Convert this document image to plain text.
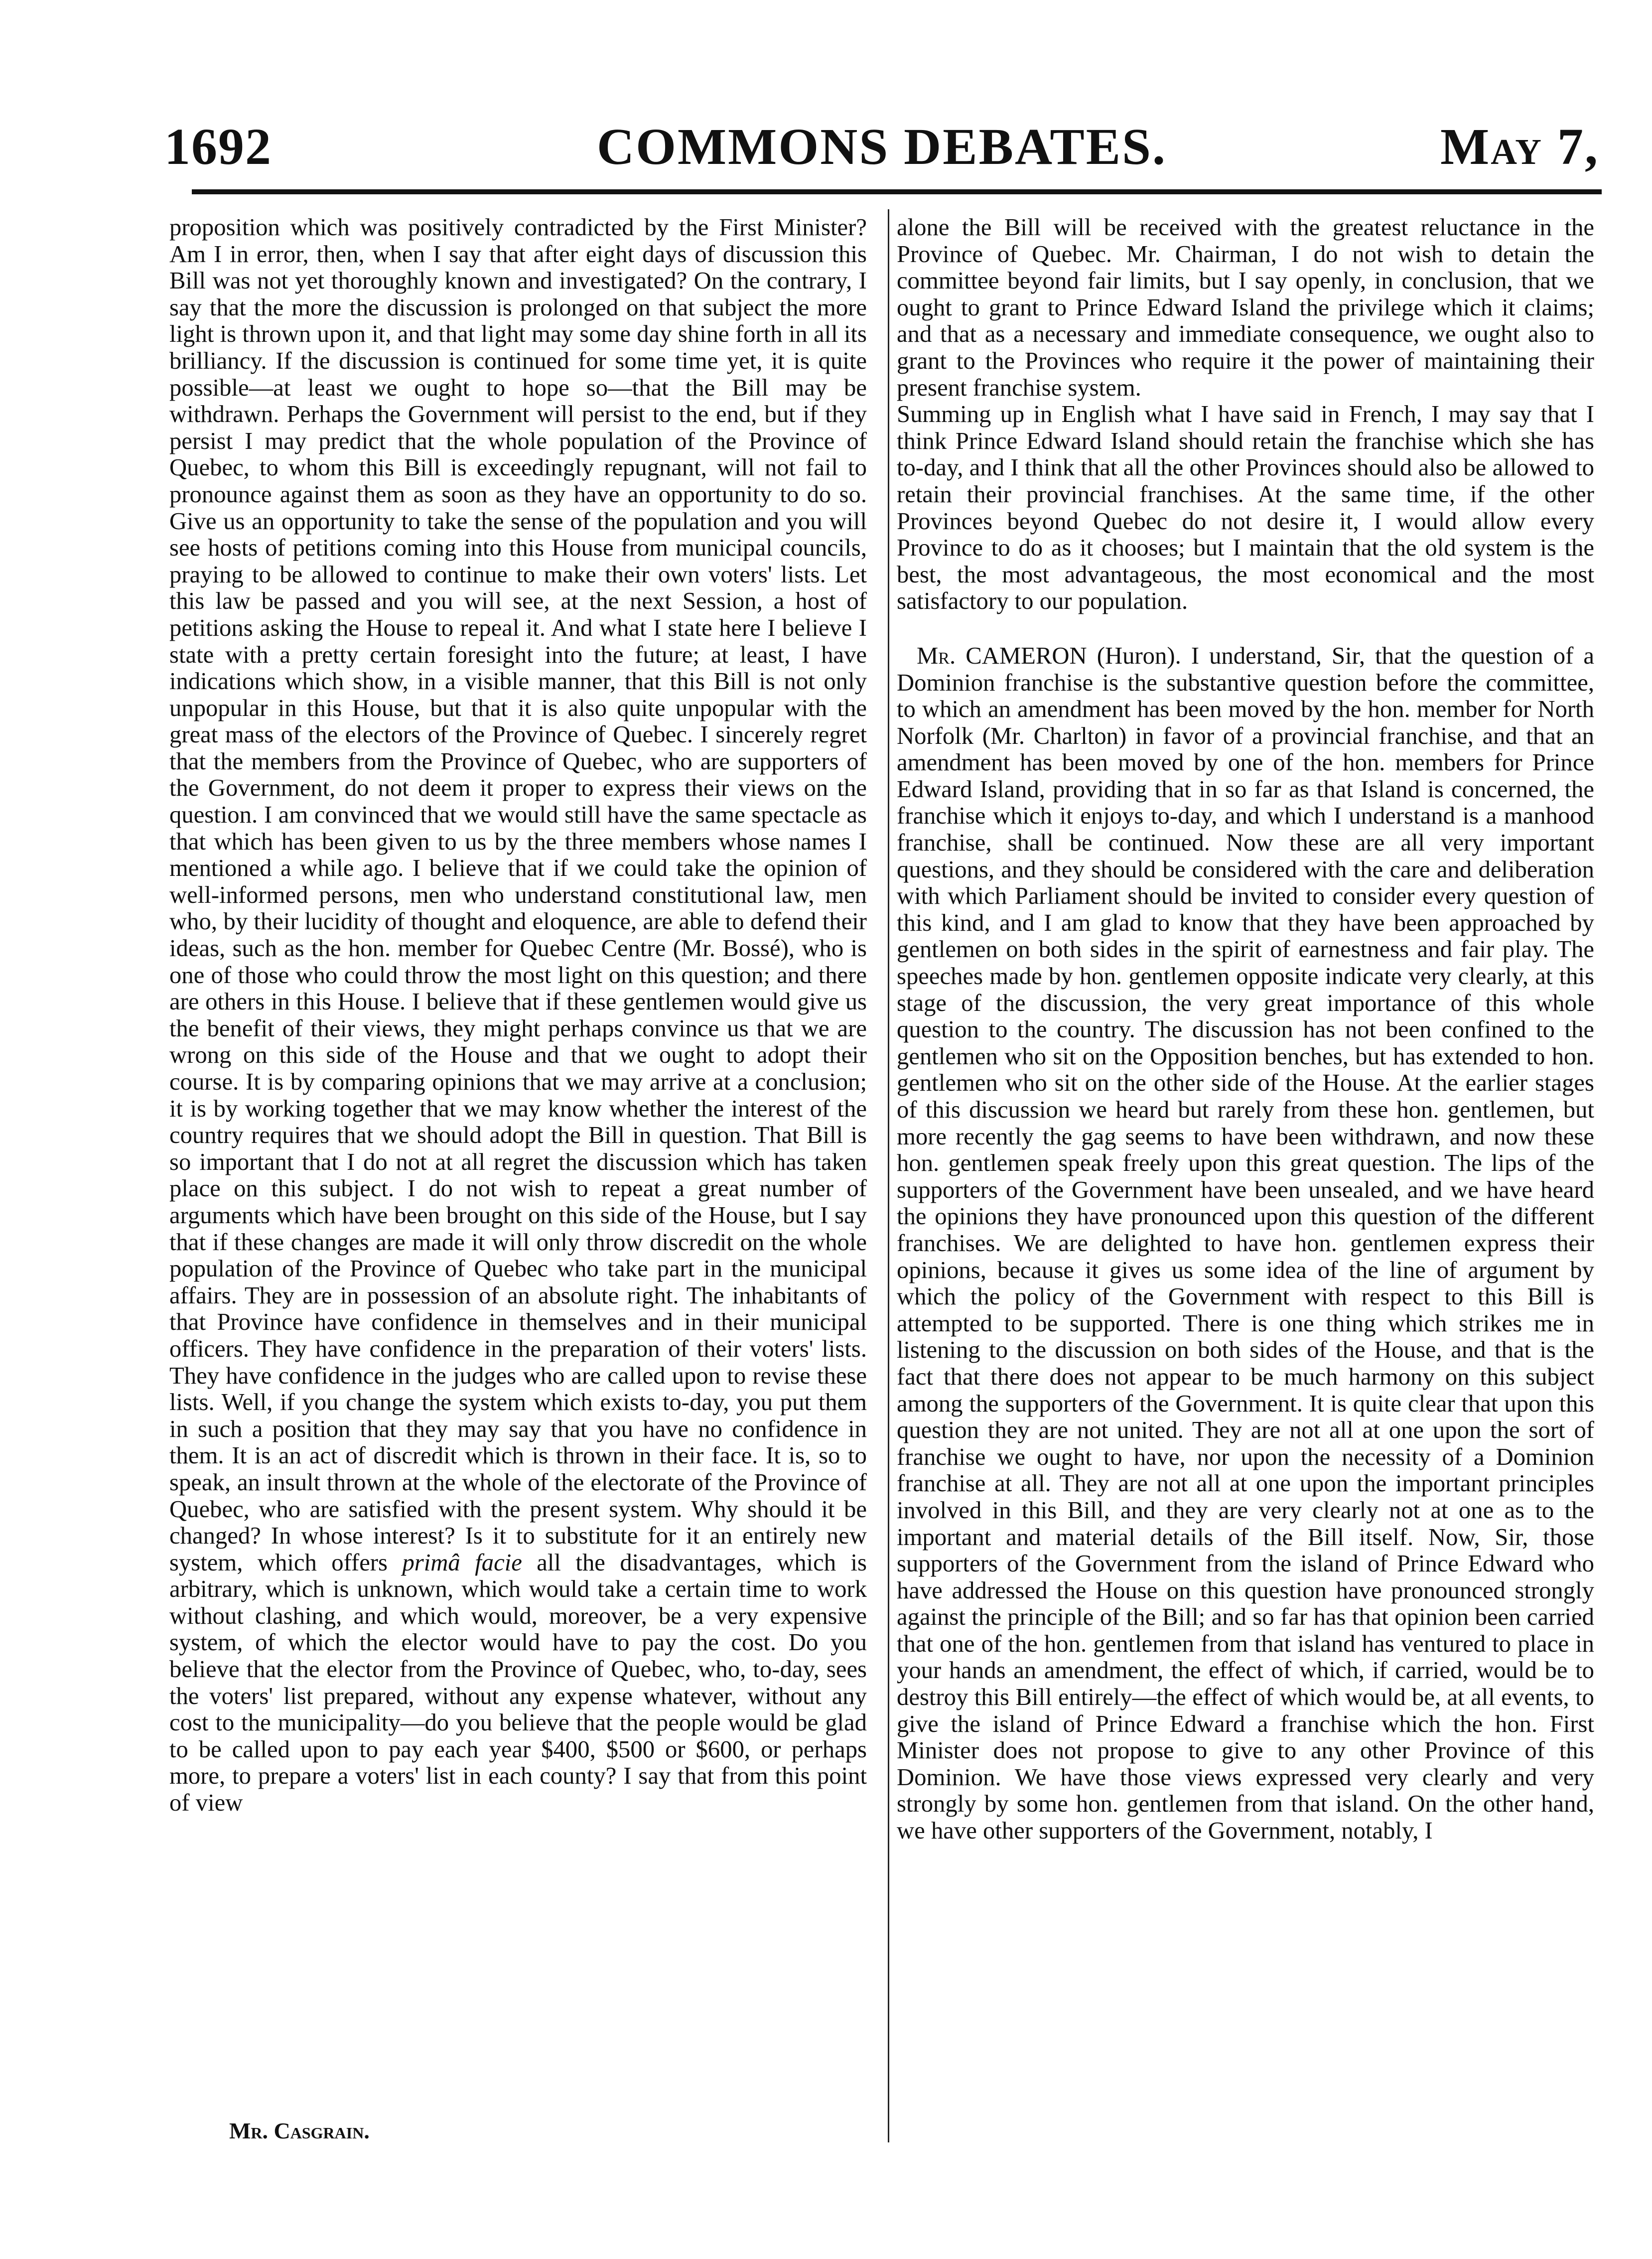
1692	COMMONS DEBATES.	May 7,

proposition which was positively contradicted by the First Minister? Am I in error, then, when I say that after eight days of discussion this Bill was not yet thoroughly known and investigated? On the contrary, I say that the more the discussion is prolonged on that subject the more light is thrown upon it, and that light may some day shine forth in all its brilliancy. If the discussion is continued for some time yet, it is quite possible—at least we ought to hope so—that the Bill may be withdrawn. Perhaps the Government will persist to the end, but if they persist I may predict that the whole population of the Province of Quebec, to whom this Bill is exceedingly repugnant, will not fail to pronounce against them as soon as they have an opportunity to do so. Give us an opportunity to take the sense of the population and you will see hosts of petitions coming into this House from municipal councils, praying to be allowed to continue to make their own voters' lists. Let this law be passed and you will see, at the next Session, a host of petitions asking the House to repeal it. And what I state here I believe I state with a pretty certain foresight into the future; at least, I have indications which show, in a visible manner, that this Bill is not only unpopular in this House, but that it is also quite unpopular with the great mass of the electors of the Province of Quebec. I sincerely regret that the members from the Province of Quebec, who are supporters of the Government, do not deem it proper to express their views on the question. I am convinced that we would still have the same spectacle as that which has been given to us by the three members whose names I mentioned a while ago. I believe that if we could take the opinion of well-informed persons, men who understand constitutional law, men who, by their lucidity of thought and eloquence, are able to defend their ideas, such as the hon. member for Quebec Centre (Mr. Bossé), who is one of those who could throw the most light on this question; and there are others in this House. I believe that if these gentlemen would give us the benefit of their views, they might perhaps convince us that we are wrong on this side of the House and that we ought to adopt their course. It is by comparing opinions that we may arrive at a conclusion; it is by working together that we may know whether the interest of the country requires that we should adopt the Bill in question. That Bill is so important that I do not at all regret the discussion which has taken place on this subject. I do not wish to repeat a great number of arguments which have been brought on this side of the House, but I say that if these changes are made it will only throw discredit on the whole population of the Province of Quebec who take part in the municipal affairs. They are in possession of an absolute right. The inhabitants of that Province have confidence in themselves and in their municipal officers. They have confidence in the preparation of their voters' lists. They have confidence in the judges who are called upon to revise these lists. Well, if you change the system which exists to-day, you put them in such a position that they may say that you have no confidence in them. It is an act of discredit which is thrown in their face. It is, so to speak, an insult thrown at the whole of the electorate of the Province of Quebec, who are satisfied with the present system. Why should it be changed? In whose interest? Is it to substitute for it an entirely new system, which offers primâ facie all the disadvantages, which is arbitrary, which is unknown, which would take a certain time to work without clashing, and which would, moreover, be a very expensive system, of which the elector would have to pay the cost. Do you believe that the elector from the Province of Quebec, who, to-day, sees the voters' list prepared, without any expense whatever, without any cost to the municipality—do you believe that the people would be glad to be called upon to pay each year $400, $500 or $600, or perhaps more, to prepare a voters' list in each county? I say that from this point of view

alone the Bill will be received with the greatest reluctance in the Province of Quebec. Mr. Chairman, I do not wish to detain the committee beyond fair limits, but I say openly, in conclusion, that we ought to grant to Prince Edward Island the privilege which it claims; and that as a necessary and immediate consequence, we ought also to grant to the Provinces who require it the power of maintaining their present franchise system.

Summing up in English what I have said in French, I may say that I think Prince Edward Island should retain the franchise which she has to-day, and I think that all the other Provinces should also be allowed to retain their provincial franchises. At the same time, if the other Provinces beyond Quebec do not desire it, I would allow every Province to do as it chooses; but I maintain that the old system is the best, the most advantageous, the most economical and the most satisfactory to our population.

Mr. CAMERON (Huron). I understand, Sir, that the question of a Dominion franchise is the substantive question before the committee, to which an amendment has been moved by the hon. member for North Norfolk (Mr. Charlton) in favor of a provincial franchise, and that an amendment has been moved by one of the hon. members for Prince Edward Island, providing that in so far as that Island is concerned, the franchise which it enjoys to-day, and which I understand is a manhood franchise, shall be continued. Now these are all very important questions, and they should be considered with the care and deliberation with which Parliament should be invited to consider every question of this kind, and I am glad to know that they have been approached by gentlemen on both sides in the spirit of earnestness and fair play. The speeches made by hon. gentlemen opposite indicate very clearly, at this stage of the discussion, the very great importance of this whole question to the country. The discussion has not been confined to the gentlemen who sit on the Opposition benches, but has extended to hon. gentlemen who sit on the other side of the House. At the earlier stages of this discussion we heard but rarely from these hon. gentlemen, but more recently the gag seems to have been withdrawn, and now these hon. gentlemen speak freely upon this great question. The lips of the supporters of the Government have been unsealed, and we have heard the opinions they have pronounced upon this question of the different franchises. We are delighted to have hon. gentlemen express their opinions, because it gives us some idea of the line of argument by which the policy of the Government with respect to this Bill is attempted to be supported. There is one thing which strikes me in listening to the discussion on both sides of the House, and that is the fact that there does not appear to be much harmony on this subject among the supporters of the Government. It is quite clear that upon this question they are not united. They are not all at one upon the sort of franchise we ought to have, nor upon the necessity of a Dominion franchise at all. They are not all at one upon the important principles involved in this Bill, and they are very clearly not at one as to the important and material details of the Bill itself. Now, Sir, those supporters of the Government from the island of Prince Edward who have addressed the House on this question have pronounced strongly against the principle of the Bill; and so far has that opinion been carried that one of the hon. gentlemen from that island has ventured to place in your hands an amendment, the effect of which, if carried, would be to destroy this Bill entirely—the effect of which would be, at all events, to give the island of Prince Edward a franchise which the hon. First Minister does not propose to give to any other Province of this Dominion. We have those views expressed very clearly and very strongly by some hon. gentlemen from that island. On the other hand, we have other supporters of the Government, notably, I

Mr. Casgrain.
